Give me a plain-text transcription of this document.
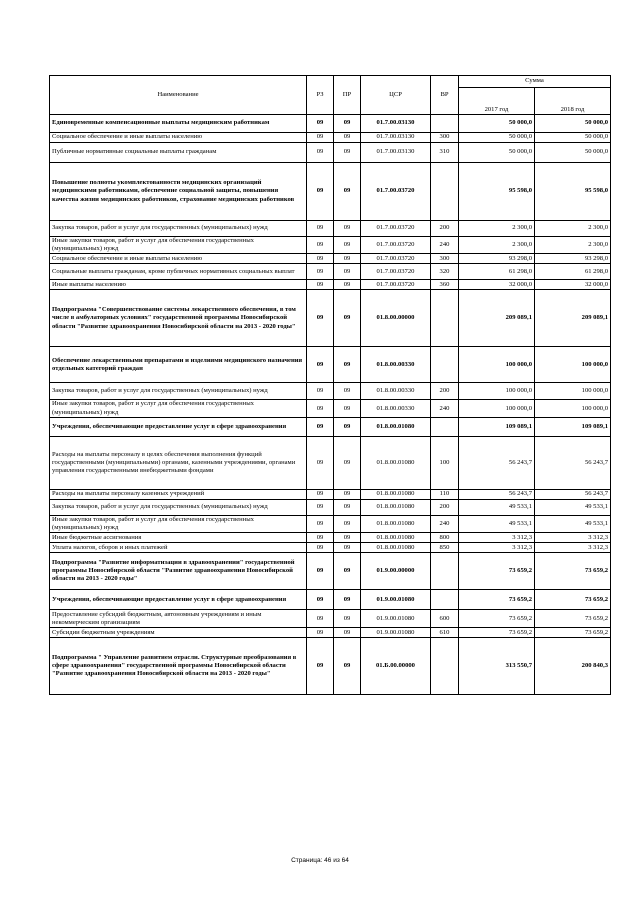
Наименование	РЗ	ПР	ЦСР	ВР	Сумма	
					2017 год	2018 год
Единовременные компенсационные выплаты медицинским работникам	09	09	01.7.00.03130		50 000,0	50 000,0
Социальное обеспечение и иные выплаты населению	09	09	01.7.00.03130	300	50 000,0	50 000,0
Публичные нормативные социальные выплаты гражданам	09	09	01.7.00.03130	310	50 000,0	50 000,0
Повышение полноты укомплектованности медицинских организаций медицинскими работниками, обеспечение социальной защиты, повышения качества жизни медицинских работников, страхование медицинских работников	09	09	01.7.00.03720		95 598,0	95 598,0
Закупка товаров, работ и услуг для государственных (муниципальных) нужд	09	09	01.7.00.03720	200	2 300,0	2 300,0
Иные закупки товаров, работ и услуг для обеспечения государственных (муниципальных) нужд	09	09	01.7.00.03720	240	2 300,0	2 300,0
Социальное обеспечение и иные выплаты населению	09	09	01.7.00.03720	300	93 298,0	93 298,0
Социальные выплаты гражданам, кроме публичных нормативных социальных выплат	09	09	01.7.00.03720	320	61 298,0	61 298,0
Иные выплаты населению	09	09	01.7.00.03720	360	32 000,0	32 000,0
Подпрограмма "Совершенствование системы лекарственного обеспечения, в том числе в амбулаторных условиях" государственной программы Новосибирской области "Развитие здравоохранения Новосибирской области на 2013 - 2020 годы"	09	09	01.8.00.00000		209 089,1	209 089,1
Обеспечение лекарственными препаратами и изделиями медицинского назначения отдельных категорий граждан	09	09	01.8.00.00330		100 000,0	100 000,0
Закупка товаров, работ и услуг для государственных (муниципальных) нужд	09	09	01.8.00.00330	200	100 000,0	100 000,0
Иные закупки товаров, работ и услуг для обеспечения государственных (муниципальных) нужд	09	09	01.8.00.00330	240	100 000,0	100 000,0
Учреждения, обеспечивающие предоставление услуг в сфере здравоохранения	09	09	01.8.00.01080		109 089,1	109 089,1
Расходы на выплаты персоналу в целях обеспечения выполнения функций государственными (муниципальными) органами, казенными учреждениями, органами управления государственными внебюджетными фондами	09	09	01.8.00.01080	100	56 243,7	56 243,7
Расходы на выплаты персоналу казенных учреждений	09	09	01.8.00.01080	110	56 243,7	56 243,7
Закупка товаров, работ и услуг для государственных (муниципальных) нужд	09	09	01.8.00.01080	200	49 533,1	49 533,1
Иные закупки товаров, работ и услуг для обеспечения государственных (муниципальных) нужд	09	09	01.8.00.01080	240	49 533,1	49 533,1
Иные бюджетные ассигнования	09	09	01.8.00.01080	800	3 312,3	3 312,3
Уплата налогов, сборов и иных платежей	09	09	01.8.00.01080	850	3 312,3	3 312,3
Подпрограмма "Развитие информатизации в здравоохранении" государственной программы Новосибирской области "Развитие здравоохранения Новосибирской области на 2013 - 2020 годы"	09	09	01.9.00.00000		73 659,2	73 659,2
Учреждения, обеспечивающие предоставление услуг в сфере здравоохранения	09	09	01.9.00.01080		73 659,2	73 659,2
Предоставление субсидий бюджетным, автономным учреждениям и иным некоммерческим организациям	09	09	01.9.00.01080	600	73 659,2	73 659,2
Субсидии бюджетным учреждениям	09	09	01.9.00.01080	610	73 659,2	73 659,2
Подпрограмма " Управление развитием отрасли. Структурные преобразования в сфере здравоохранения" государственной программы Новосибирской области "Развитие здравоохранения Новосибирской области на 2013 - 2020 годы"	09	09	01.Б.00.00000		313 550,7	200 840,3
Страница: 46 из 64
